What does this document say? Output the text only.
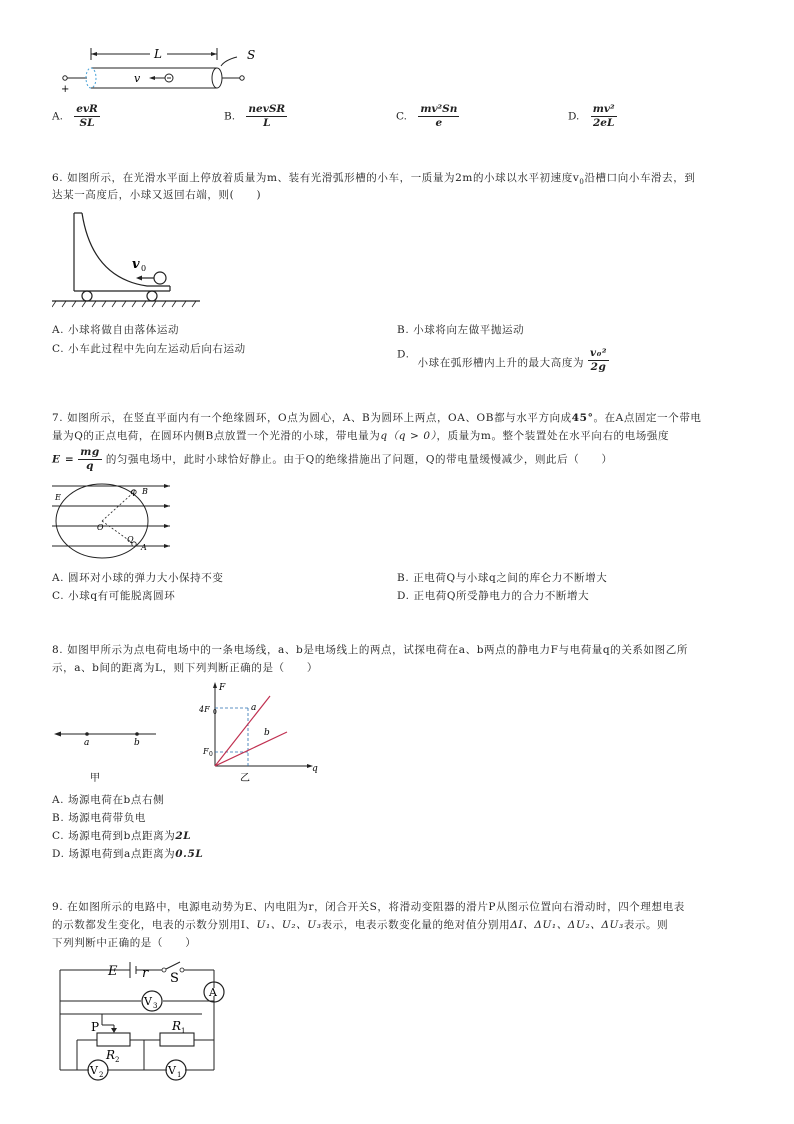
L	S
v
+
A. $\frac{\text{evR}}{SL}$	B. $\frac{\text{nevSR}}{L}$	C. $\frac{\text{mv²Sn}}{e}$	D. $\frac{\text{mv²}}{2eL}$
6. 如图所示，在光滑水平面上停放着质量为m、装有光滑弧形槽的小车，一质量为2m的小球以水平初速度$v_0$沿槽口向小车滑去，到
达某一高度后，小球又返回右端，则(　　)
v 0
A. 小球将做自由落体运动	B. 小球将向左做平抛运动
C. 小车此过程中先向左运动后向右运动	D. 小球在弧形槽内上升的最大高度为 $\frac{\text{v₀²}}{2g}$
7. 如图所示，在竖直平面内有一个绝缘圆环，O点为圆心，A、B为圆环上两点，OA、OB都与水平方向成45°。在A点固定一个带电
量为Q的正点电荷，在圆环内侧B点放置一个光滑的小球，带电量为q（q > 0），质量为m。整个装置处在水平向右的电场强度
$E = \frac{mg}{q}$ 的匀强电场中，此时小球恰好静止。由于Q的绝缘措施出了问题，Q的带电量缓慢减少，则此后（　　）
E
q B
O
Q
A
A. 圆环对小球的弹力大小保持不变	B. 正电荷Q与小球q之间的库仑力不断增大
C. 小球q有可能脱离圆环	D. 正电荷Q所受静电力的合力不断增大
8. 如图甲所示为点电荷电场中的一条电场线，a、b是电场线上的两点，试探电荷在a、b两点的静电力F与电荷量q的关系如图乙所
示，a、b间的距离为L，则下列判断正确的是（　　）
a	b
甲
F
q
4F 0
F 0
a
b
乙
A. 场源电荷在b点右侧
B. 场源电荷带负电
C. 场源电荷到b点距离为2L
D. 场源电荷到a点距离为0.5L
9. 在如图所示的电路中，电源电动势为E、内电阻为r，闭合开关S，将滑动变阻器的滑片P从图示位置向右滑动时，四个理想电表
的示数都发生变化，电表的示数分别用I、U₁、U₂、U₃表示，电表示数变化量的绝对值分别用ΔI、ΔU₁、ΔU₂、ΔU₃表示。则
下列判断中正确的是（　　）
E r S
V 3
A
P
R 2
R 1
V 2	V 1
